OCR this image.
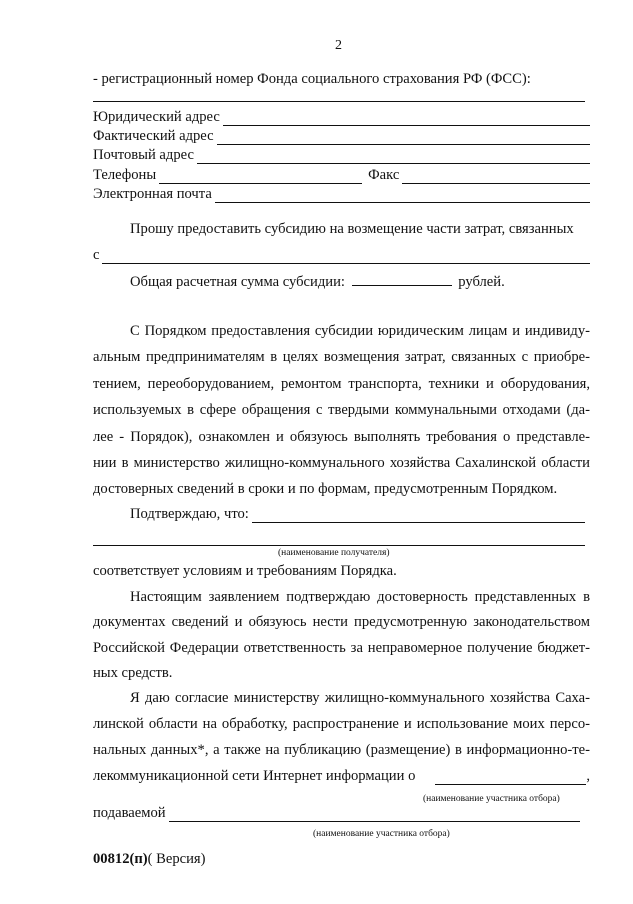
2
- регистрационный номер Фонда социального страхования РФ (ФСС):
Юридический адрес
Фактический адрес
Почтовый адрес
Телефоны	Факс
Электронная почта
Прошу предоставить субсидию на возмещение части затрат, связанных
с
Общая расчетная сумма субсидии:	рублей.
С Порядком предоставления субсидии юридическим лицам и индивиду-
альным предпринимателям в целях возмещения затрат, связанных с приобре-
тением, переоборудованием, ремонтом транспорта, техники и оборудования,
используемых в сфере обращения с твердыми коммунальными отходами (да-
лее - Порядок), ознакомлен и обязуюсь выполнять требования о представле-
нии в министерство жилищно-коммунального хозяйства Сахалинской области
достоверных сведений в сроки и по формам, предусмотренным Порядком.
Подтверждаю, что:
(наименование получателя)
соответствует условиям и требованиям Порядка.
Настоящим заявлением подтверждаю достоверность представленных в
документах сведений и обязуюсь нести предусмотренную законодательством
Российской Федерации ответственность за неправомерное получение бюджет-
ных средств.
Я даю согласие министерству жилищно-коммунального хозяйства Саха-
линской области на обработку, распространение и использование моих персо-
нальных данных*, а также на публикацию (размещение) в информационно-те-
лекоммуникационной сети Интернет информации о	,
(наименование участника отбора)
подаваемой
(наименование участника отбора)
00812(п)( Версия)
